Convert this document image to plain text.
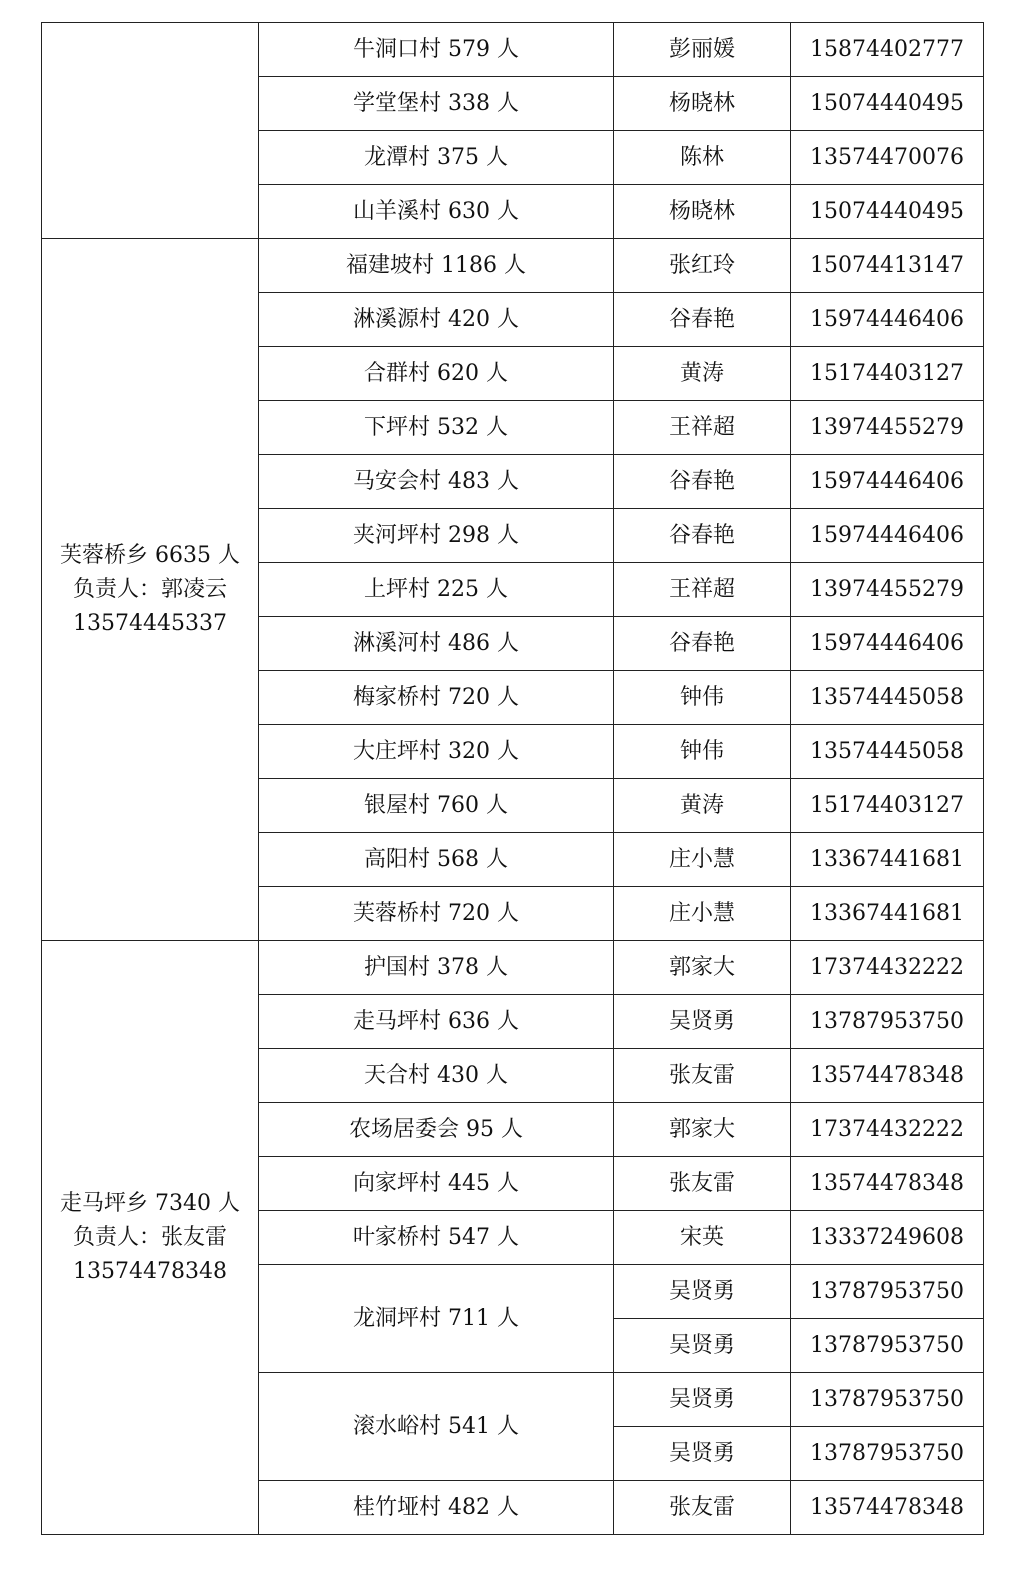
	牛洞口村 579 人	彭丽媛	15874402777
	学堂堡村 338 人	杨晓林	15074440495
	龙潭村 375 人	陈林	13574470076
	山羊溪村 630 人	杨晓林	15074440495

芙蓉桥乡 6635 人
负责人：郭凌云
13574445337	福建坡村 1186 人	张红玲	15074413147
	淋溪源村 420 人	谷春艳	15974446406
	合群村 620 人	黄涛	15174403127
	下坪村 532 人	王祥超	13974455279
	马安会村 483 人	谷春艳	15974446406
	夹河坪村 298 人	谷春艳	15974446406
	上坪村 225 人	王祥超	13974455279
	淋溪河村 486 人	谷春艳	15974446406
	梅家桥村 720 人	钟伟	13574445058
	大庄坪村 320 人	钟伟	13574445058
	银屋村 760 人	黄涛	15174403127
	高阳村 568 人	庄小慧	13367441681
	芙蓉桥村 720 人	庄小慧	13367441681

走马坪乡 7340 人
负责人：张友雷
13574478348	护国村 378 人	郭家大	17374432222
	走马坪村 636 人	吴贤勇	13787953750
	天合村 430 人	张友雷	13574478348
	农场居委会 95 人	郭家大	17374432222
	向家坪村 445 人	张友雷	13574478348
	叶家桥村 547 人	宋英	13337249608
	龙洞坪村 711 人	吴贤勇	13787953750
		吴贤勇	13787953750
	滚水峪村 541 人	吴贤勇	13787953750
		吴贤勇	13787953750
	桂竹垭村 482 人	张友雷	13574478348
